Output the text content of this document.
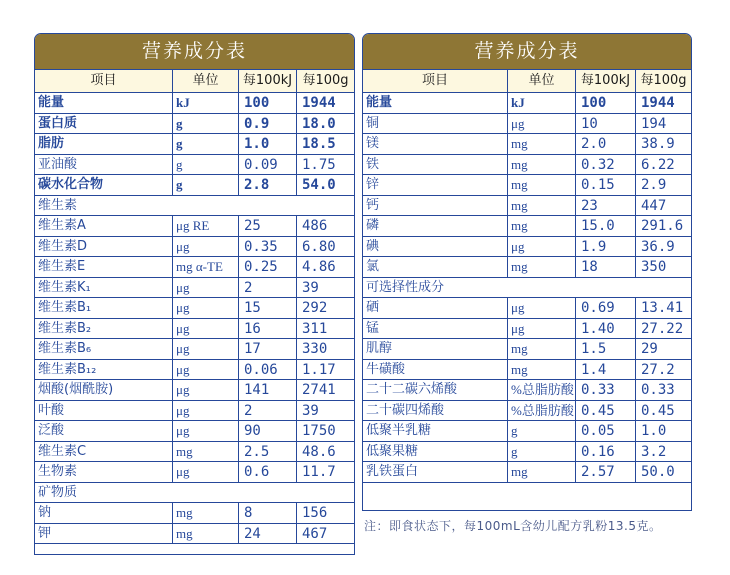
营养成分表
项目	单位	每100kJ 每100g
能量	kJ	100	1944
蛋白质	g	0.9	18.0
脂肪	g	1.0	18.5
亚油酸	g	0.09	1.75
碳水化合物	g	2.8	54.0
维生素
维生素A	μg RE	25	486
维生素D	μg	0.35	6.80
维生素E	mg α-TE	0.25	4.86
维生素K₁	μg	2	39
维生素B₁	μg	15	292
维生素B₂	μg	16	311
维生素B₆	μg	17	330
维生素B₁₂	μg	0.06	1.17
烟酸(烟酰胺)	μg	141	2741
叶酸	μg	2	39
泛酸	μg	90	1750
维生素C	mg	2.5	48.6
生物素	μg	0.6	11.7
矿物质
钠	mg	8	156
钾	mg	24	467
营养成分表
项目	单位	每100kJ 每100g
能量	kJ	100	1944
铜	μg	10	194
镁	mg	2.0	38.9
铁	mg	0.32	6.22
锌	mg	0.15	2.9
钙	mg	23	447
磷	mg	15.0	291.6
碘	μg	1.9	36.9
氯	mg	18	350
可选择性成分
硒	μg	0.69	13.41
锰	μg	1.40	27.22
肌醇	mg	1.5	29
牛磺酸	mg	1.4	27.2
二十二碳六烯酸	%总脂肪酸 0.33	0.33
二十碳四烯酸	%总脂肪酸 0.45	0.45
低聚半乳糖	g	0.05	1.0
低聚果糖	g	0.16	3.2
乳铁蛋白	mg	2.57	50.0
注：即食状态下，每100mL含幼儿配方乳粉13.5克。
